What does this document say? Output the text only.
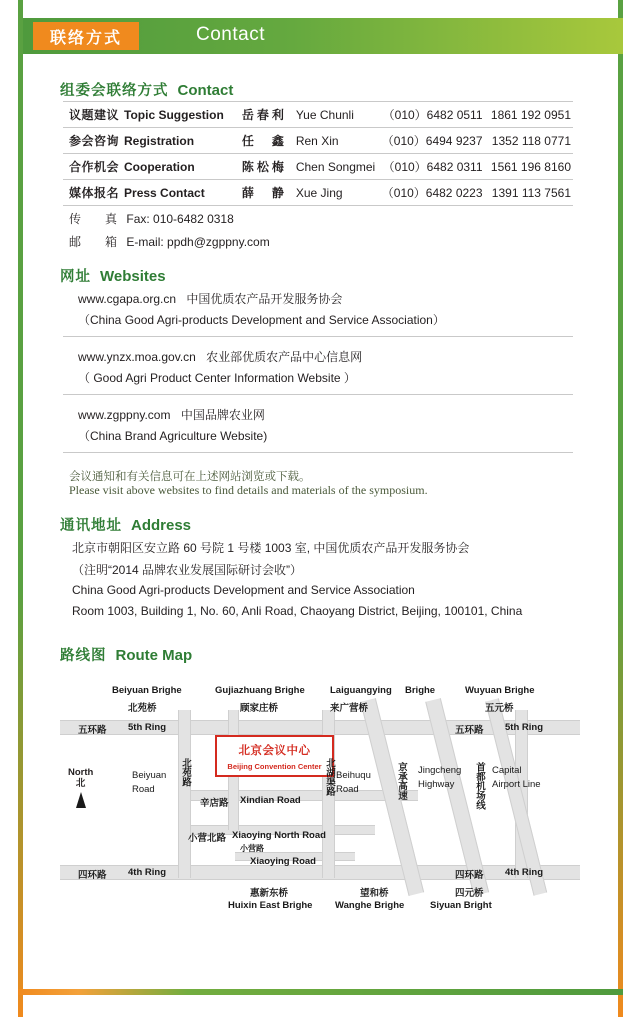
联络方式	Contact
组委会联络方式 Contact
议题建议 Topic Suggestion	岳春利	Yue Chunli	（010）6482 0511	1861 192 0951
参会咨询 Registration	任　鑫	Ren Xin	（010）6494 9237	1352 118 0771
合作机会 Cooperation	陈松梅	Chen Songmei	（010）6482 0311	1561 196 8160
媒体报名 Press Contact	薛　静	Xue Jing	（010）6482 0223	1391 113 7561
传　真 Fax: 010-6482 0318
邮　箱 E-mail: ppdh@zgppny.com
网址 Websites
www.cgapa.org.cn 中国优质农产品开发服务协会
（China Good Agri-products Development and Service Association）
www.ynzx.moa.gov.cn 农业部优质农产品中心信息网
（ Good Agri Product Center Information Website ）
www.zgppny.com 中国品牌农业网
（China Brand Agriculture Website)
会议通知和有关信息可在上述网站浏览或下载。
Please visit above websites to find details and materials of the symposium.
通讯地址 Address
北京市朝阳区安立路 60 号院 1 号楼 1003 室, 中国优质农产品开发服务协会
（注明“2014 品牌农业发展国际研讨会收”）
China Good Agri-products Development and Service Association
Room 1003, Building 1, No. 60, Anli Road, Chaoyang District, Beijing, 100101, China
路线图 Route Map
北京会议中心
Beijing Convention Center
North
北
Beiyuan Brighe
北苑桥
Gujiazhuang Brighe
顾家庄桥
Laiguangying Brighe
来广营桥
Wuyuan Brighe
五元桥
五环路 5th Ring	五环路 5th Ring
四环路 4th Ring	四环路 4th Ring
Beiyuan
Road
北苑路
辛店路 Xindian Road
北湖渠路 Beihuqu
Road	京承高速 Jingcheng
Highway 首都机场线 Capital
Airport Line
小营北路 Xiaoying North Road
小营路
Xiaoying Road
惠新东桥
Huixin East Brighe
望和桥
Wanghe Brighe
四元桥
Siyuan Bright
